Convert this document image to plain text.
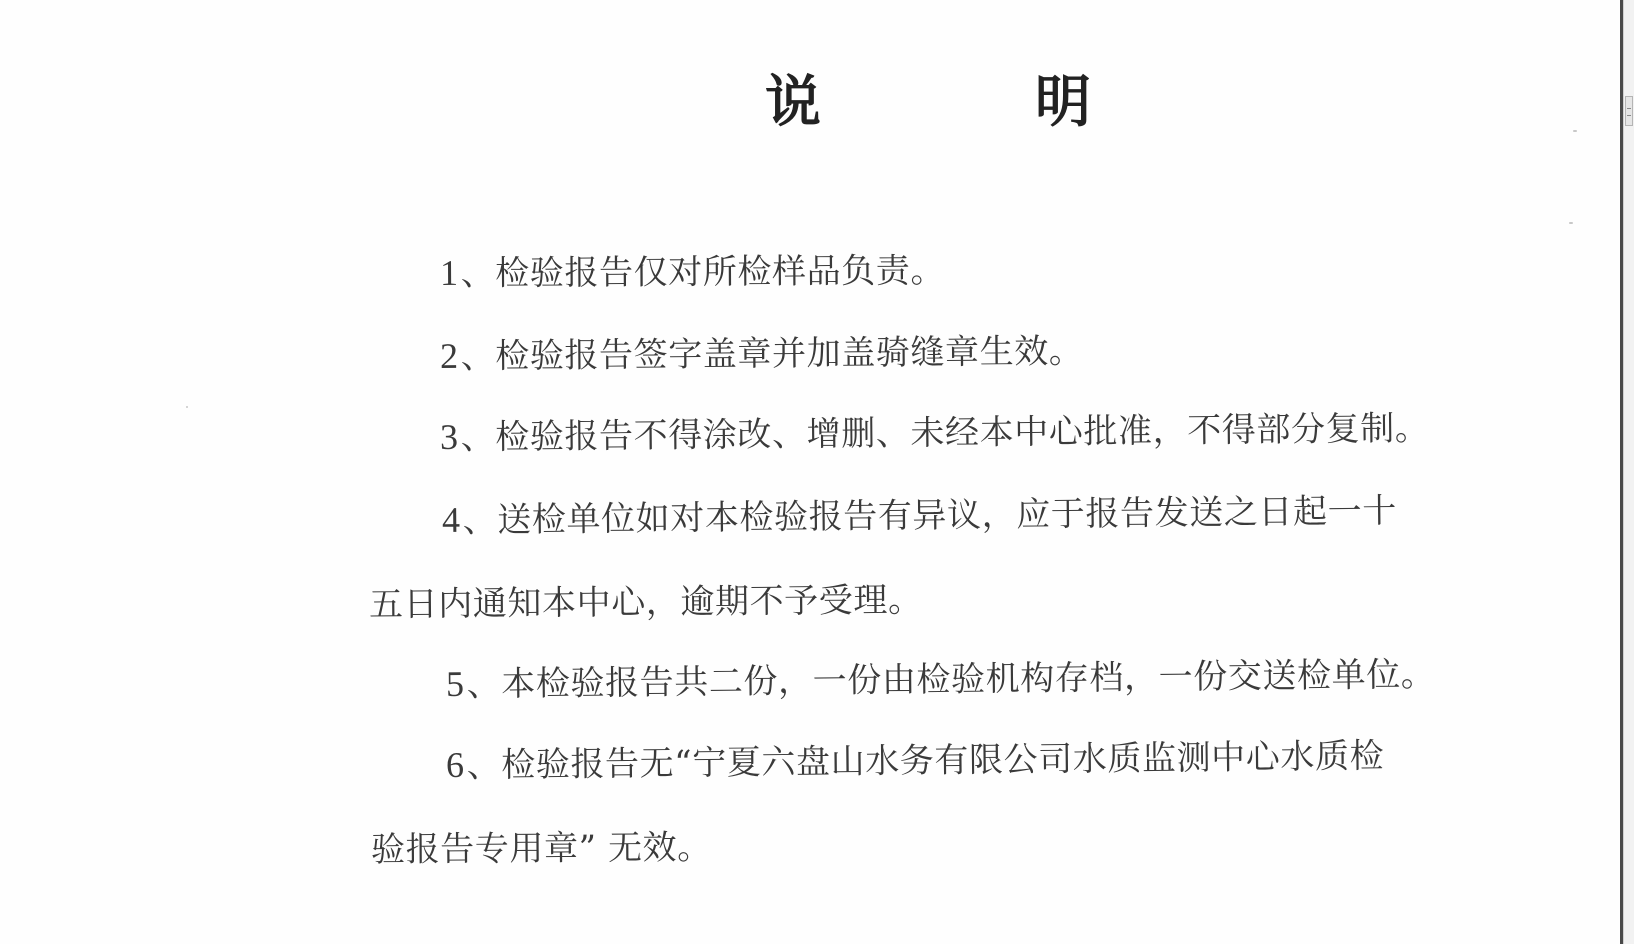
说	明

1、检验报告仅对所检样品负责。

2、检验报告签字盖章并加盖骑缝章生效。

3、检验报告不得涂改、增删、未经本中心批准，不得部分复制。

4、送检单位如对本检验报告有异议，应于报告发送之日起一十

五日内通知本中心，逾期不予受理。

5、本检验报告共二份，一份由检验机构存档，一份交送检单位。

6、检验报告无“宁夏六盘山水务有限公司水质监测中心水质检

验报告专用章” 无效。
